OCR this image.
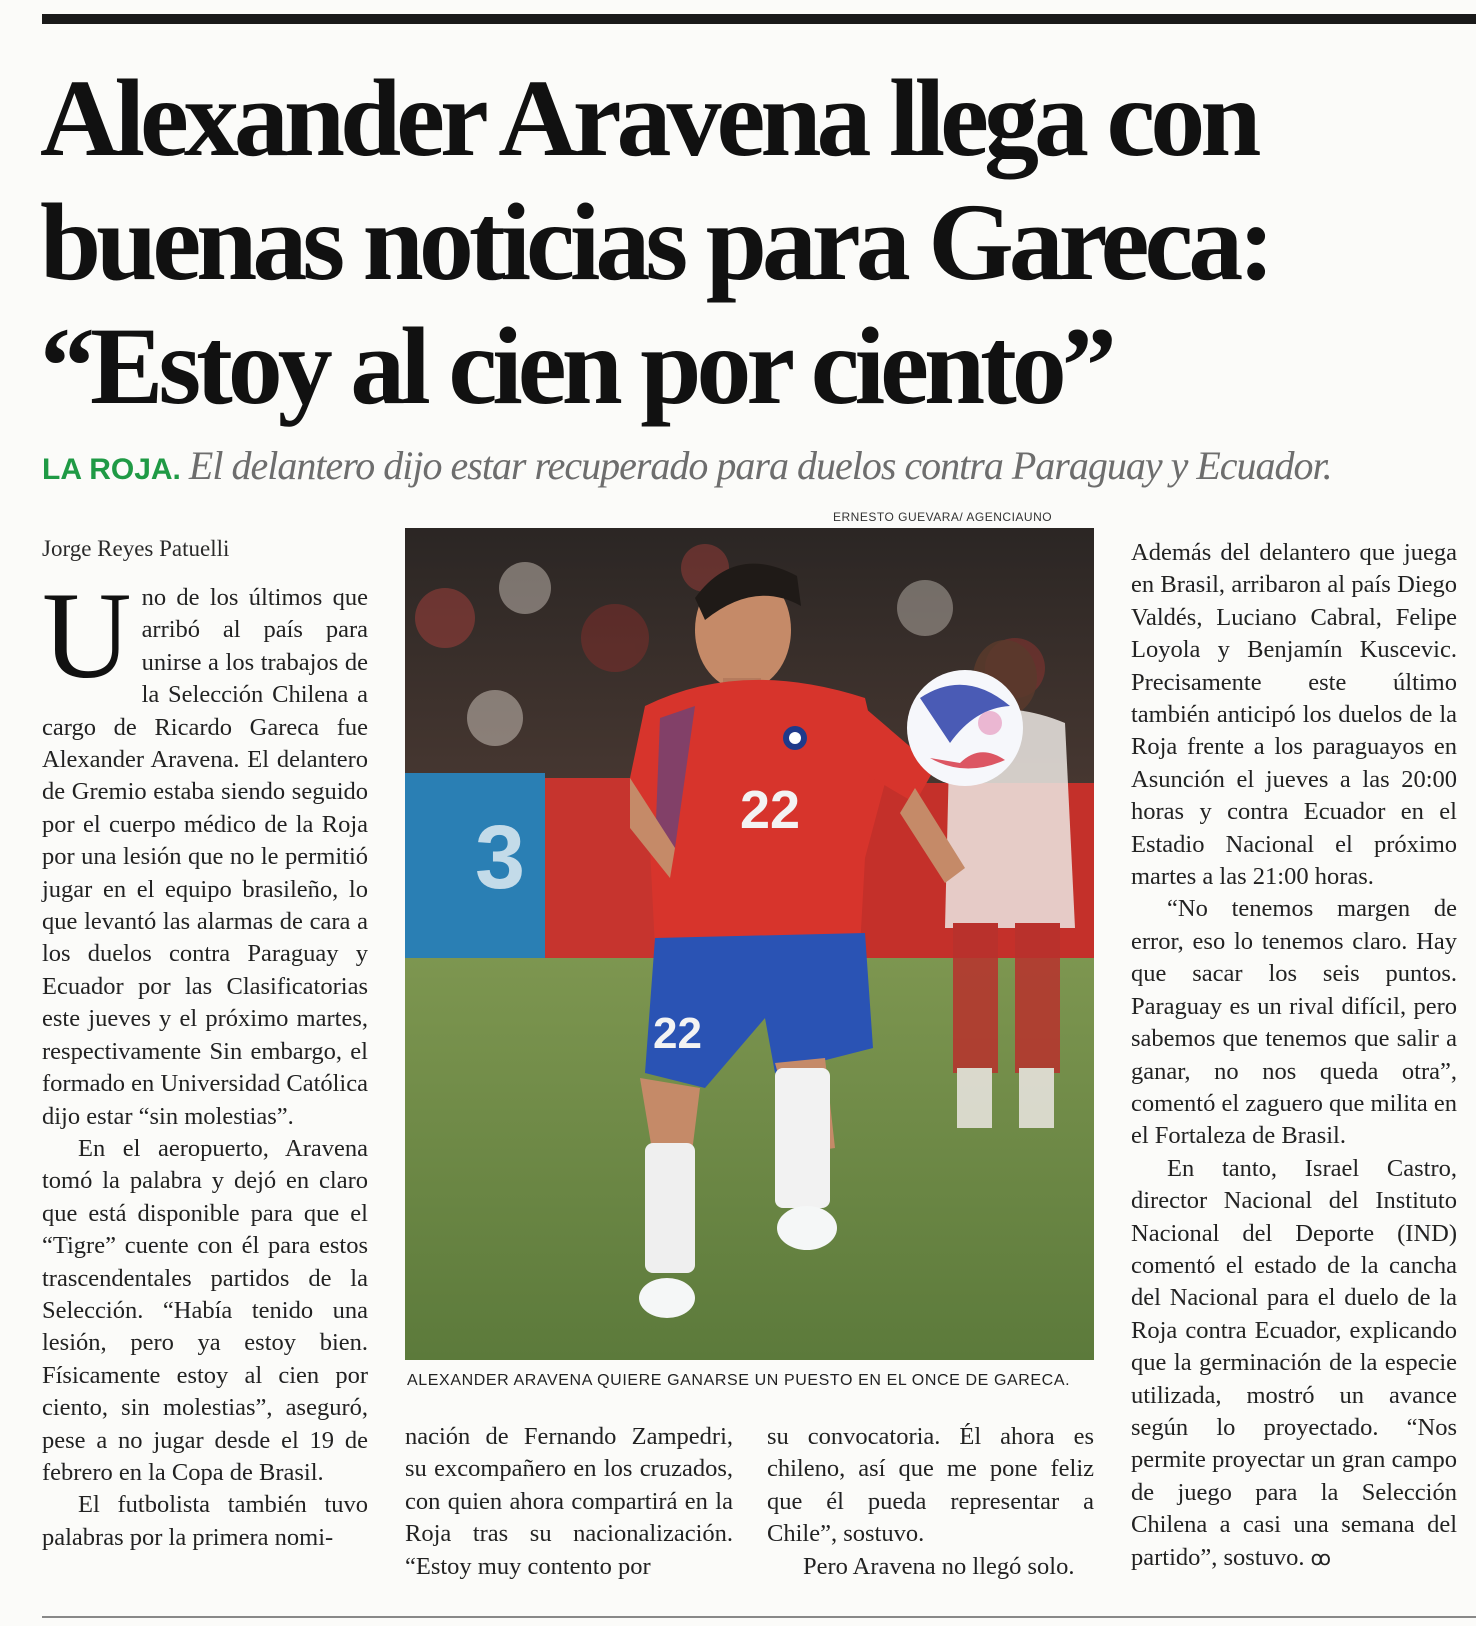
Alexander Aravena llega con
buenas noticias para Gareca:
“Estoy al cien por ciento”
LA ROJA. El delantero dijo estar recuperado para duelos contra Paraguay y Ecuador.
Jorge Reyes Patuelli
U no de los últimos que arribó al país para unirse a los trabajos de la Selección Chilena a cargo de Ricardo Gareca fue Alexander Aravena. El delantero de Gremio estaba siendo seguido por el cuerpo médico de la Roja por una lesión que no le permitió jugar en el equipo brasileño, lo que levantó las alarmas de cara a los duelos contra Paraguay y Ecuador por las Clasificatorias este jueves y el próximo martes, respectivamente Sin embargo, el formado en Universidad Católica dijo estar “sin molestias”.

En el aeropuerto, Aravena tomó la palabra y dejó en claro que está disponible para que el “Tigre” cuente con él para estos trascendentales partidos de la Selección. “Había tenido una lesión, pero ya estoy bien. Físicamente estoy al cien por ciento, sin molestias”, aseguró, pese a no jugar desde el 19 de febrero en la Copa de Brasil.

El futbolista también tuvo palabras por la primera nomi-

ERNESTO GUEVARA/ AGENCIAUNO
3	22
22
ALEXANDER ARAVENA QUIERE GANARSE UN PUESTO EN EL ONCE DE GARECA.

nación de Fernando Zampedri, su excompañero en los cruzados, con quien ahora compartirá en la Roja tras su nacionalización. “Estoy muy contento por

su convocatoria. Él ahora es chileno, así que me pone feliz que él pueda representar a Chile”, sostuvo.

Pero Aravena no llegó solo.

Además del delantero que juega en Brasil, arribaron al país Diego Valdés, Luciano Cabral, Felipe Loyola y Benjamín Kuscevic. Precisamente este último también anticipó los duelos de la Roja frente a los paraguayos en Asunción el jueves a las 20:00 horas y contra Ecuador en el Estadio Nacional el próximo martes a las 21:00 horas.

“No tenemos margen de error, eso lo tenemos claro. Hay que sacar los seis puntos. Paraguay es un rival difícil, pero sabemos que tenemos que salir a ganar, no nos queda otra”, comentó el zaguero que milita en el Fortaleza de Brasil.

En tanto, Israel Castro, director Nacional del Instituto Nacional del Deporte (IND) comentó el estado de la cancha del Nacional para el duelo de la Roja contra Ecuador, explicando que la germinación de la especie utilizada, mostró un avance según lo proyectado. “Nos permite proyectar un gran campo de juego para la Selección Chilena a casi una semana del partido”, sostuvo. ꝏ
